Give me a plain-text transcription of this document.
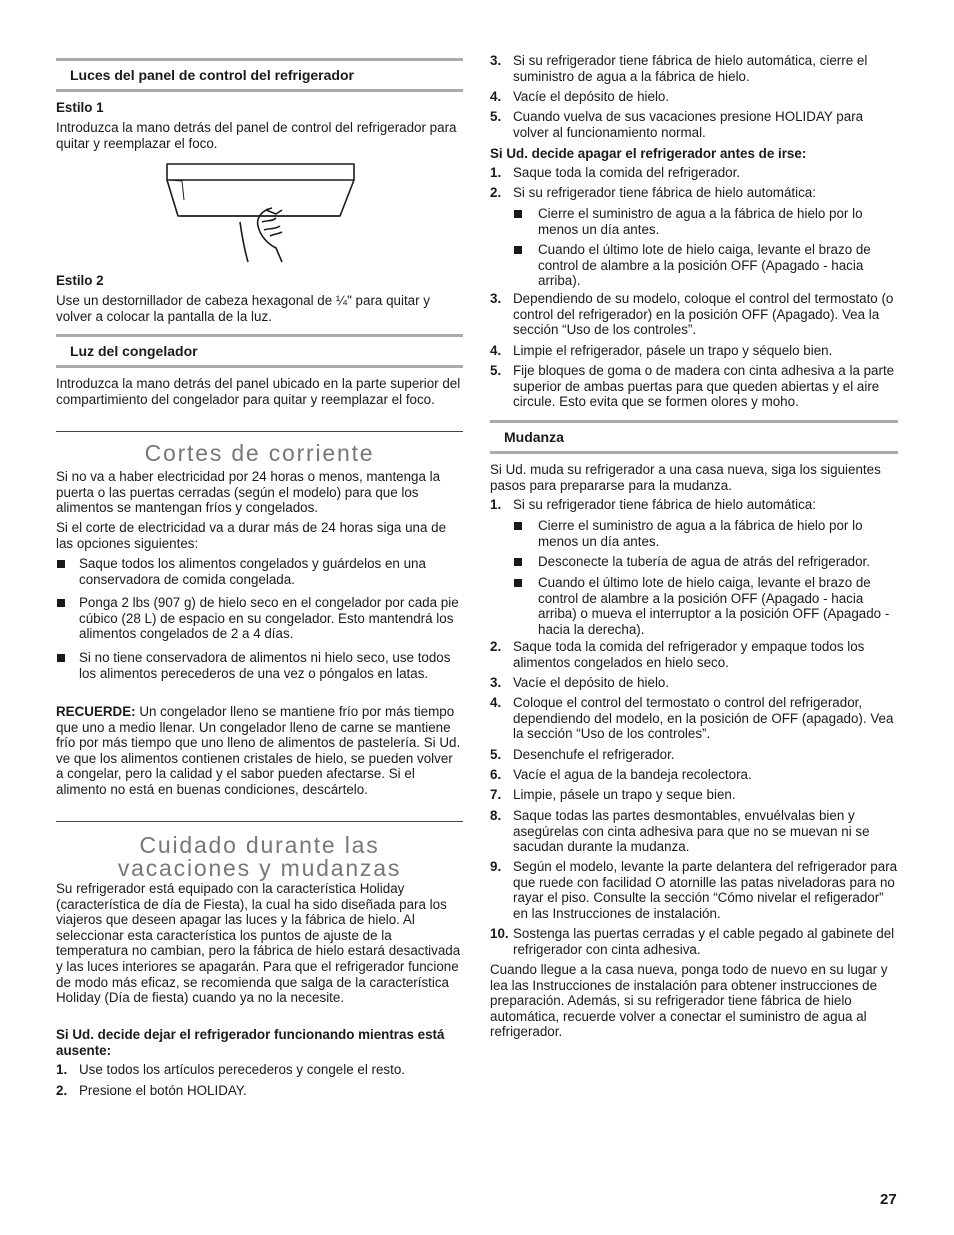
Luces del panel de control del refrigerador
Estilo 1

Introduzca la mano detrás del panel de control del refrigerador para quitar y reemplazar el foco.

Estilo 2

Use un destornillador de cabeza hexagonal de ¼" para quitar y volver a colocar la pantalla de la luz.

Luz del congelador

Introduzca la mano detrás del panel ubicado en la parte superior del compartimiento del congelador para quitar y reemplazar el foco.

Cortes de corriente

Si no va a haber electricidad por 24 horas o menos, mantenga la puerta o las puertas cerradas (según el modelo) para que los alimentos se mantengan fríos y congelados.

Si el corte de electricidad va a durar más de 24 horas siga una de las opciones siguientes:

Saque todos los alimentos congelados y guárdelos en una conservadora de comida congelada.
Ponga 2 lbs (907 g) de hielo seco en el congelador por cada pie cúbico (28 L) de espacio en su congelador. Esto mantendrá los alimentos congelados de 2 a 4 días.
Si no tiene conservadora de alimentos ni hielo seco, use todos los alimentos perecederos de una vez o póngalos en latas.

RECUERDE: Un congelador lleno se mantiene frío por más tiempo que uno a medio llenar. Un congelador lleno de carne se mantiene frío por más tiempo que uno lleno de alimentos de pastelería. Si Ud. ve que los alimentos contienen cristales de hielo, se pueden volver a congelar, pero la calidad y el sabor pueden afectarse. Si el alimento no está en buenas condiciones, descártelo.

Cuidado durante las
vacaciones y mudanzas

Su refrigerador está equipado con la característica Holiday (característica de día de Fiesta), la cual ha sido diseñada para los viajeros que deseen apagar las luces y la fábrica de hielo. Al seleccionar esta característica los puntos de ajuste de la temperatura no cambian, pero la fábrica de hielo estará desactivada y las luces interiores se apagarán. Para que el refrigerador funcione de modo más eficaz, se recomienda que salga de la característica Holiday (Día de fiesta) cuando ya no la necesite.

Si Ud. decide dejar el refrigerador funcionando mientras está ausente:

1. Use todos los artículos perecederos y congele el resto.
2. Presione el botón HOLIDAY.
3. Si su refrigerador tiene fábrica de hielo automática, cierre el suministro de agua a la fábrica de hielo.
4. Vacíe el depósito de hielo.
5. Cuando vuelva de sus vacaciones presione HOLIDAY para volver al funcionamiento normal.

Si Ud. decide apagar el refrigerador antes de irse:

1. Saque toda la comida del refrigerador.
2. Si su refrigerador tiene fábrica de hielo automática:
Cierre el suministro de agua a la fábrica de hielo por lo menos un día antes.
Cuando el último lote de hielo caiga, levante el brazo de control de alambre a la posición OFF (Apagado - hacia arriba).
3. Dependiendo de su modelo, coloque el control del termostato (o control del refrigerador) en la posición OFF (Apagado). Vea la sección “Uso de los controles”.
4. Limpie el refrigerador, pásele un trapo y séquelo bien.
5. Fije bloques de goma o de madera con cinta adhesiva a la parte superior de ambas puertas para que queden abiertas y el aire circule. Esto evita que se formen olores y moho.
Mudanza

Si Ud. muda su refrigerador a una casa nueva, siga los siguientes pasos para prepararse para la mudanza.

1. Si su refrigerador tiene fábrica de hielo automática:
Cierre el suministro de agua a la fábrica de hielo por lo menos un día antes.
Desconecte la tubería de agua de atrás del refrigerador.
Cuando el último lote de hielo caiga, levante el brazo de control de alambre a la posición OFF (Apagado - hacia arriba) o mueva el interruptor a la posición OFF (Apagado - hacia la derecha).
2. Saque toda la comida del refrigerador y empaque todos los alimentos congelados en hielo seco.
3. Vacíe el depósito de hielo.
4. Coloque el control del termostato o control del refrigerador, dependiendo del modelo, en la posición de OFF (apagado). Vea la sección “Uso de los controles”.
5. Desenchufe el refrigerador.
6. Vacíe el agua de la bandeja recolectora.
7. Limpie, pásele un trapo y seque bien.
8. Saque todas las partes desmontables, envuélvalas bien y asegúrelas con cinta adhesiva para que no se muevan ni se sacudan durante la mudanza.
9. Según el modelo, levante la parte delantera del refrigerador para que ruede con facilidad O atornille las patas niveladoras para no rayar el piso. Consulte la sección “Cómo nivelar el refigerador” en las Instrucciones de instalación.
10. Sostenga las puertas cerradas y el cable pegado al gabinete del refrigerador con cinta adhesiva.

Cuando llegue a la casa nueva, ponga todo de nuevo en su lugar y lea las Instrucciones de instalación para obtener instrucciones de preparación. Además, si su refrigerador tiene fábrica de hielo automática, recuerde volver a conectar el suministro de agua al refrigerador.

27
